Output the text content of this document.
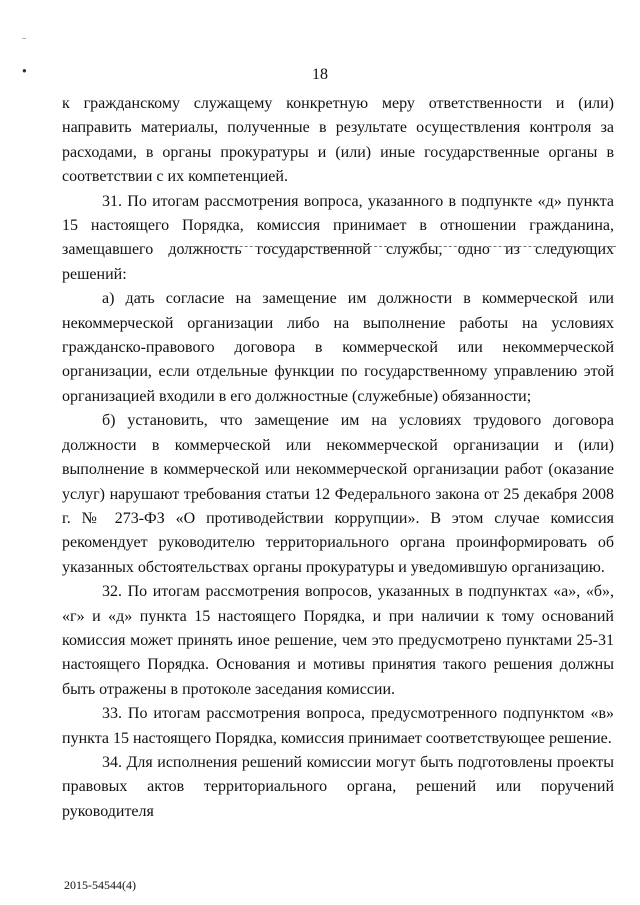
−
●	18

к гражданскому служащему конкретную меру ответственности и (или) направить материалы, полученные в результате осуществления контроля за расходами, в органы прокуратуры и (или) иные государственные органы в соответствии с их компетенцией.

31. По итогам рассмотрения вопроса, указанного в подпункте «д» пункта 15 настоящего Порядка, комиссия принимает в отношении гражданина, замещавшего должность государственной службы, одно из следующих решений:

а) дать согласие на замещение им должности в коммерческой или некоммерческой организации либо на выполнение работы на условиях гражданско-правового договора в коммерческой или некоммерческой организации, если отдельные функции по государственному управлению этой организацией входили в его должностные (служебные) обязанности;

б) установить, что замещение им на условиях трудового договора должности в коммерческой или некоммерческой организации и (или) выполнение в коммерческой или некоммерческой организации работ (оказание услуг) нарушают требования статьи 12 Федерального закона от 25 декабря 2008 г. № 273-ФЗ «О противодействии коррупции». В этом случае комиссия рекомендует руководителю территориального органа проинформировать об указанных обстоятельствах органы прокуратуры и уведомившую организацию.

32. По итогам рассмотрения вопросов, указанных в подпунктах «а», «б», «г» и «д» пункта 15 настоящего Порядка, и при наличии к тому оснований комиссия может принять иное решение, чем это предусмотрено пунктами 25-31 настоящего Порядка. Основания и мотивы принятия такого решения должны быть отражены в протоколе заседания комиссии.

33. По итогам рассмотрения вопроса, предусмотренного подпунктом «в» пункта 15 настоящего Порядка, комиссия принимает соответствующее решение.

34. Для исполнения решений комиссии могут быть подготовлены проекты правовых актов территориального органа, решений или поручений руководителя

2015-54544(4)
